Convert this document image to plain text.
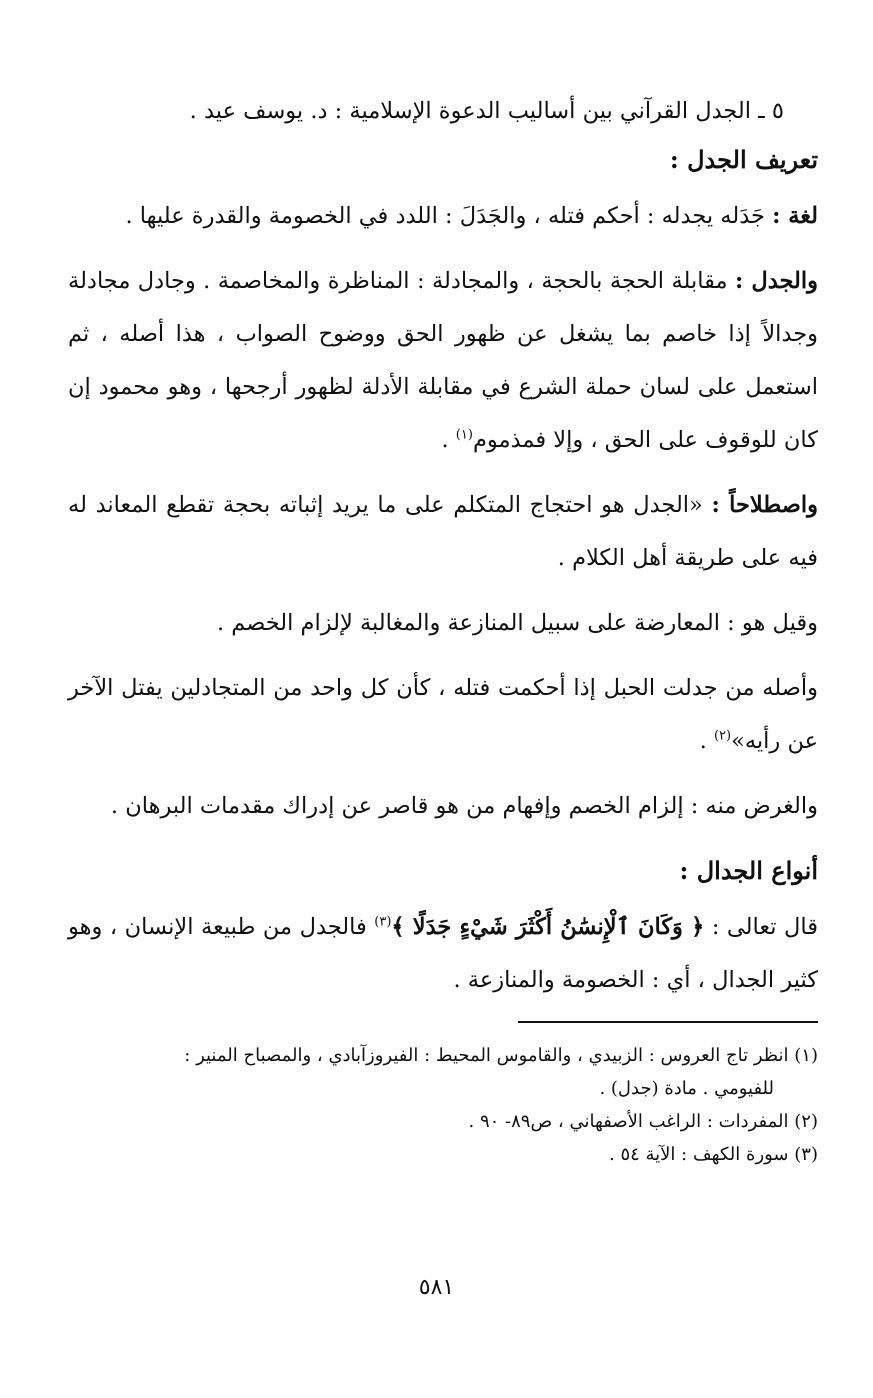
٥ ـ الجدل القرآني بين أساليب الدعوة الإسلامية : د. يوسف عيد .

تعريف الجدل :

لغة : جَدَله يجدله : أحكم فتله ، والجَدَلَ : اللدد في الخصومة والقدرة عليها .

والجدل : مقابلة الحجة بالحجة ، والمجادلة : المناظرة والمخاصمة . وجادل مجادلة وجدالاً إذا خاصم بما يشغل عن ظهور الحق ووضوح الصواب ، هذا أصله ، ثم استعمل على لسان حملة الشرع في مقابلة الأدلة لظهور أرجحها ، وهو محمود إن كان للوقوف على الحق ، وإلا فمذموم$^{(١)}$ .

واصطلاحاً : «الجدل هو احتجاج المتكلم على ما يريد إثباته بحجة تقطع المعاند له فيه على طريقة أهل الكلام .

وقيل هو : المعارضة على سبيل المنازعة والمغالبة لإلزام الخصم .

وأصله من جدلت الحبل إذا أحكمت فتله ، كأن كل واحد من المتجادلين يفتل الآخر عن رأيه»$^{(٢)}$ .

والغرض منه : إلزام الخصم وإفهام من هو قاصر عن إدراك مقدمات البرهان .

أنواع الجدال :

قال تعالى : ﴿ وَكَانَ ٱلْإِنسَٰنُ أَكْثَرَ شَيْءٍ جَدَلًا ﴾$^{(٣)}$ فالجدل من طبيعة الإنسان ، وهو كثير الجدال ، أي : الخصومة والمنازعة .

(١) انظر تاج العروس : الزبيدي ، والقاموس المحيط : الفيروزآبادي ، والمصباح المنير :

للفيومي . مادة (جدل) .

(٢) المفردات : الراغب الأصفهاني ، ص٨٩- ٩٠ .

(٣) سورة الكهف : الآية ٥٤ .

٥٨١
